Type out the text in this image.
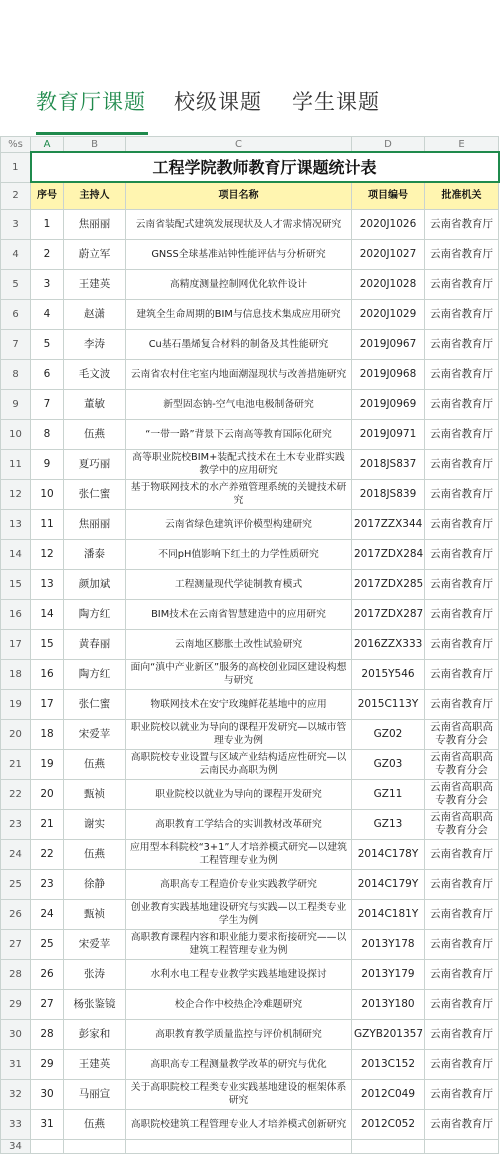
教育厅课题 校级课题 学生课题
%s	A	B	C	D	E
1	工程学院教师教育厅课题统计表				
2	序号	主持人	项目名称	项目编号	批准机关
3	1	焦丽丽	云南省装配式建筑发展现状及人才需求情况研究	2020J1026	云南省教育厅
4	2	蔚立军	GNSS全球基准站钟性能评估与分析研究	2020J1027	云南省教育厅
5	3	王建英	高精度测量控制网优化软件设计	2020J1028	云南省教育厅
6	4	赵潇	建筑全生命周期的BIM与信息技术集成应用研究	2020J1029	云南省教育厅
7	5	李涛	Cu基石墨烯复合材料的制备及其性能研究	2019J0967	云南省教育厅
8	6	毛文波	云南省农村住宅室内地面潮湿现状与改善措施研究	2019J0968	云南省教育厅
9	7	董敏	新型固态钠-空气电池电极制备研究	2019J0969	云南省教育厅
10	8	伍燕	“一带一路”背景下云南高等教育国际化研究	2019J0971	云南省教育厅
11	9	夏巧丽	高等职业院校BIM+装配式技术在土木专业群实践教学中的应用研究	2018JS837	云南省教育厅
12	10	张仁蜜	基于物联网技术的水产养殖管理系统的关键技术研究	2018JS839	云南省教育厅
13	11	焦丽丽	云南省绿色建筑评价模型构建研究	2017ZZX344	云南省教育厅
14	12	潘泰	不同pH值影响下红土的力学性质研究	2017ZDX284	云南省教育厅
15	13	颜加斌	工程测量现代学徒制教育模式	2017ZDX285	云南省教育厅
16	14	陶方红	BIM技术在云南省智慧建造中的应用研究	2017ZDX287	云南省教育厅
17	15	黄春丽	云南地区膨胀土改性试验研究	2016ZZX333	云南省教育厅
18	16	陶方红	面向“滇中产业新区”服务的高校创业园区建设构想与研究	2015Y546	云南省教育厅
19	17	张仁蜜	物联网技术在安宁玫瑰鲜花基地中的应用	2015C113Y	云南省教育厅
20	18	宋爱苹	职业院校以就业为导向的课程开发研究—以城市管理专业为例	GZ02	云南省高职高专教育分会
21	19	伍燕	高职院校专业设置与区域产业结构适应性研究—以云南民办高职为例	GZ03	云南省高职高专教育分会
22	20	甄祯	职业院校以就业为导向的课程开发研究	GZ11	云南省高职高专教育分会
23	21	谢实	高职教育工学结合的实训教材改革研究	GZ13	云南省高职高专教育分会
24	22	伍燕	应用型本科院校“3+1”人才培养模式研究—以建筑工程管理专业为例	2014C178Y	云南省教育厅
25	23	徐静	高职高专工程造价专业实践教学研究	2014C179Y	云南省教育厅
26	24	甄祯	创业教育实践基地建设研究与实践—以工程类专业学生为例	2014C181Y	云南省教育厅
27	25	宋爱苹	高职教育课程内容和职业能力要求衔接研究——以建筑工程管理专业为例	2013Y178	云南省教育厅
28	26	张涛	水利水电工程专业教学实践基地建设探讨	2013Y179	云南省教育厅
29	27	杨张鉴镜	校企合作中校热企冷难题研究	2013Y180	云南省教育厅
30	28	彭家和	高职教育教学质量监控与评价机制研究	GZYB201357	云南省教育厅
31	29	王建英	高职高专工程测量教学改革的研究与优化	2013C152	云南省教育厅
32	30	马丽宣	关于高职院校工程类专业实践基地建设的框架体系研究	2012C049	云南省教育厅
33	31	伍燕	高职院校建筑工程管理专业人才培养模式创新研究	2012C052	云南省教育厅
34					
